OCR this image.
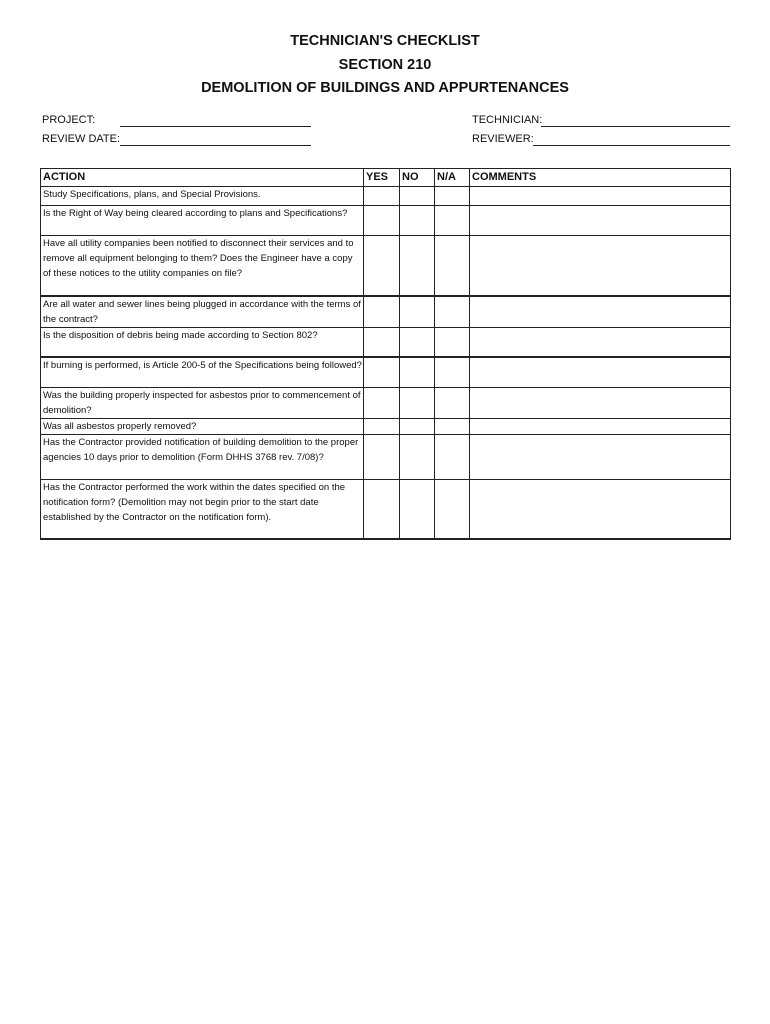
TECHNICIAN'S CHECKLIST
SECTION 210
DEMOLITION OF BUILDINGS AND APPURTENANCES
PROJECT:
REVIEW DATE:
TECHNICIAN:
REVIEWER:
ACTION	YES	NO	N/A	COMMENTS
Study Specifications, plans, and Special Provisions.				
Is the Right of Way being cleared according to plans and Specifications?				
Have all utility companies been notified to disconnect their services and to remove all equipment belonging to them? Does the Engineer have a copy of these notices to the utility companies on file?				
Are all water and sewer lines being plugged in accordance with the terms of the contract?				
Is the disposition of debris being made according to Section 802?				
If burning is performed, is Article 200-5 of the Specifications being followed?				
Was the building properly inspected for asbestos prior to commencement of demolition?				
Was all asbestos properly removed?				
Has the Contractor provided notification of building demolition to the proper agencies 10 days prior to demolition (Form DHHS 3768 rev. 7/08)?				
Has the Contractor performed the work within the dates specified on the notification form? (Demolition may not begin prior to the start date established by the Contractor on the notification form).				
